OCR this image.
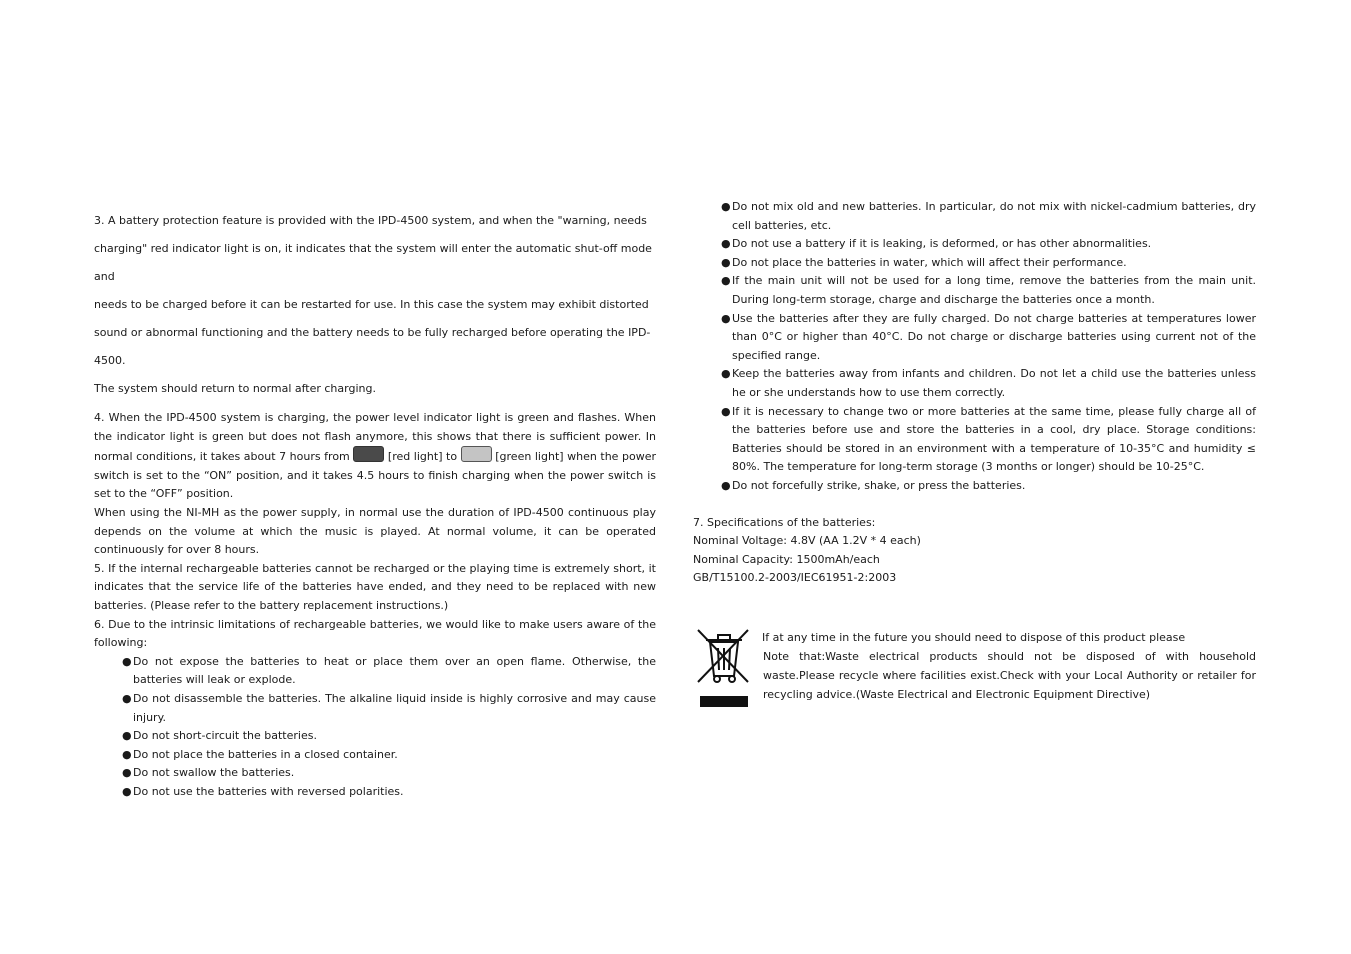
3. A battery protection feature is provided with the IPD-4500 system, and when the "warning, needs

charging" red indicator light is on, it indicates that the system will enter the automatic shut-off mode and

needs to be charged before it can be restarted for use. In this case the system may exhibit distorted

sound or abnormal functioning and the battery needs to be fully recharged before operating the IPD-4500.

The system should return to normal after charging.

4. When the IPD-4500 system is charging, the power level indicator light is green and flashes. When the indicator light is green but does not flash anymore, this shows that there is sufficient power. In normal conditions, it takes about 7 hours from	[red light] to	[green light] when the power switch is set to the “ON” position, and it takes 4.5 hours to finish charging when the power switch is set to the “OFF” position.

When using the NI-MH as the power supply, in normal use the duration of IPD-4500 continuous play depends on the volume at which the music is played. At normal volume, it can be operated continuously for over 8 hours.

5. If the internal rechargeable batteries cannot be recharged or the playing time is extremely short, it indicates that the service life of the batteries have ended, and they need to be replaced with new batteries. (Please refer to the battery replacement instructions.)

6. Due to the intrinsic limitations of rechargeable batteries, we would like to make users aware of the following:

● Do not expose the batteries to heat or place them over an open flame. Otherwise, the batteries will leak or explode.
● Do not disassemble the batteries. The alkaline liquid inside is highly corrosive and may cause injury.
● Do not short-circuit the batteries.
● Do not place the batteries in a closed container.
● Do not swallow the batteries.
● Do not use the batteries with reversed polarities.
● Do not mix old and new batteries. In particular, do not mix with nickel-cadmium batteries, dry cell batteries, etc.
● Do not use a battery if it is leaking, is deformed, or has other abnormalities.
● Do not place the batteries in water, which will affect their performance.
● If the main unit will not be used for a long time, remove the batteries from the main unit. During long-term storage, charge and discharge the batteries once a month.
● Use the batteries after they are fully charged. Do not charge batteries at temperatures lower than 0°C or higher than 40°C. Do not charge or discharge batteries using current not of the specified range.
● Keep the batteries away from infants and children. Do not let a child use the batteries unless he or she understands how to use them correctly.
● If it is necessary to change two or more batteries at the same time, please fully charge all of the batteries before use and store the batteries in a cool, dry place. Storage conditions: Batteries should be stored in an environment with a temperature of 10-35°C and humidity ≤ 80%. The temperature for long-term storage (3 months or longer) should be 10-25°C.
● Do not forcefully strike, shake, or press the batteries.

7. Specifications of the batteries:

Nominal Voltage: 4.8V (AA 1.2V * 4 each)

Nominal Capacity: 1500mAh/each

GB/T15100.2-2003/IEC61951-2:2003

If at any time in the future you should need to dispose of this product please

Note that:Waste electrical products should not be disposed of with household waste.Please recycle where facilities exist.Check with your Local Authority or retailer for recycling advice.(Waste Electrical and Electronic Equipment Directive)
